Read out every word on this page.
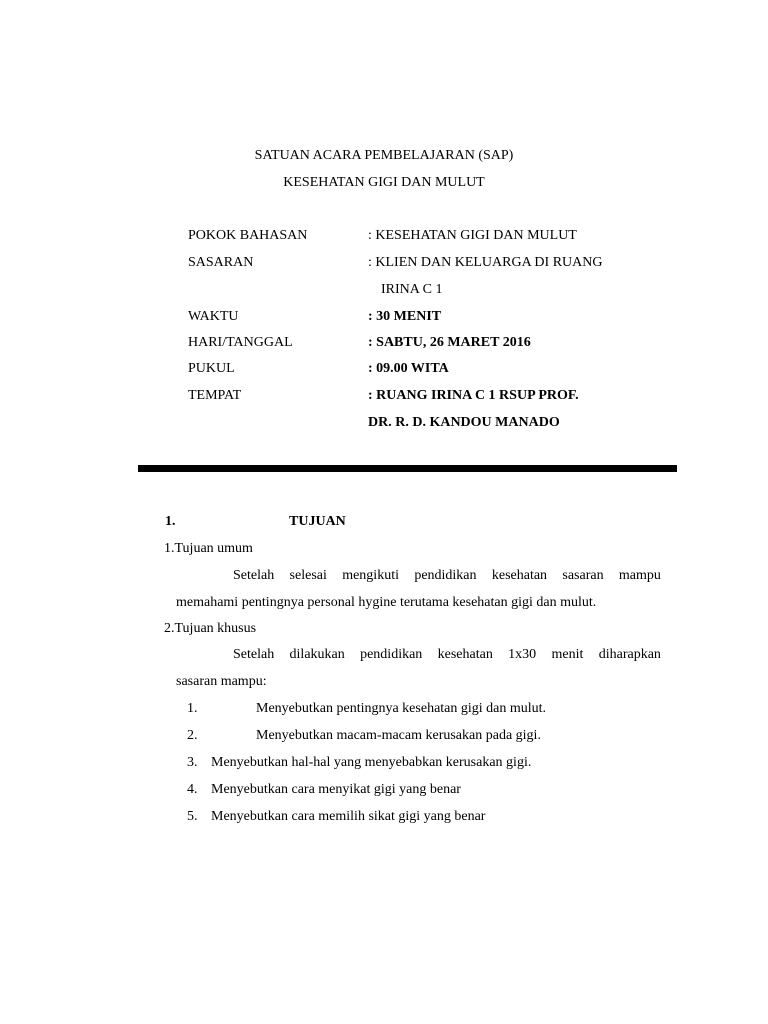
SATUAN ACARA PEMBELAJARAN (SAP)
KESEHATAN GIGI DAN MULUT
POKOK BAHASAN	: KESEHATAN GIGI DAN MULUT
SASARAN	: KLIEN DAN KELUARGA DI RUANG
IRINA C 1
WAKTU	: 30 MENIT
HARI/TANGGAL	: SABTU, 26 MARET 2016
PUKUL	: 09.00 WITA
TEMPAT	: RUANG IRINA C 1 RSUP PROF.
DR. R. D. KANDOU MANADO
1.	TUJUAN
1.Tujuan umum
Setelah selesai mengikuti pendidikan kesehatan sasaran mampu
memahami pentingnya personal hygine terutama kesehatan gigi dan mulut.
2.Tujuan khusus
Setelah dilakukan pendidikan kesehatan 1x30 menit diharapkan
sasaran mampu:
1.	Menyebutkan pentingnya kesehatan gigi dan mulut.
2.	Menyebutkan macam-macam kerusakan pada gigi.
3. Menyebutkan hal-hal yang menyebabkan kerusakan gigi.
4. Menyebutkan cara menyikat gigi yang benar
5. Menyebutkan cara memilih sikat gigi yang benar
